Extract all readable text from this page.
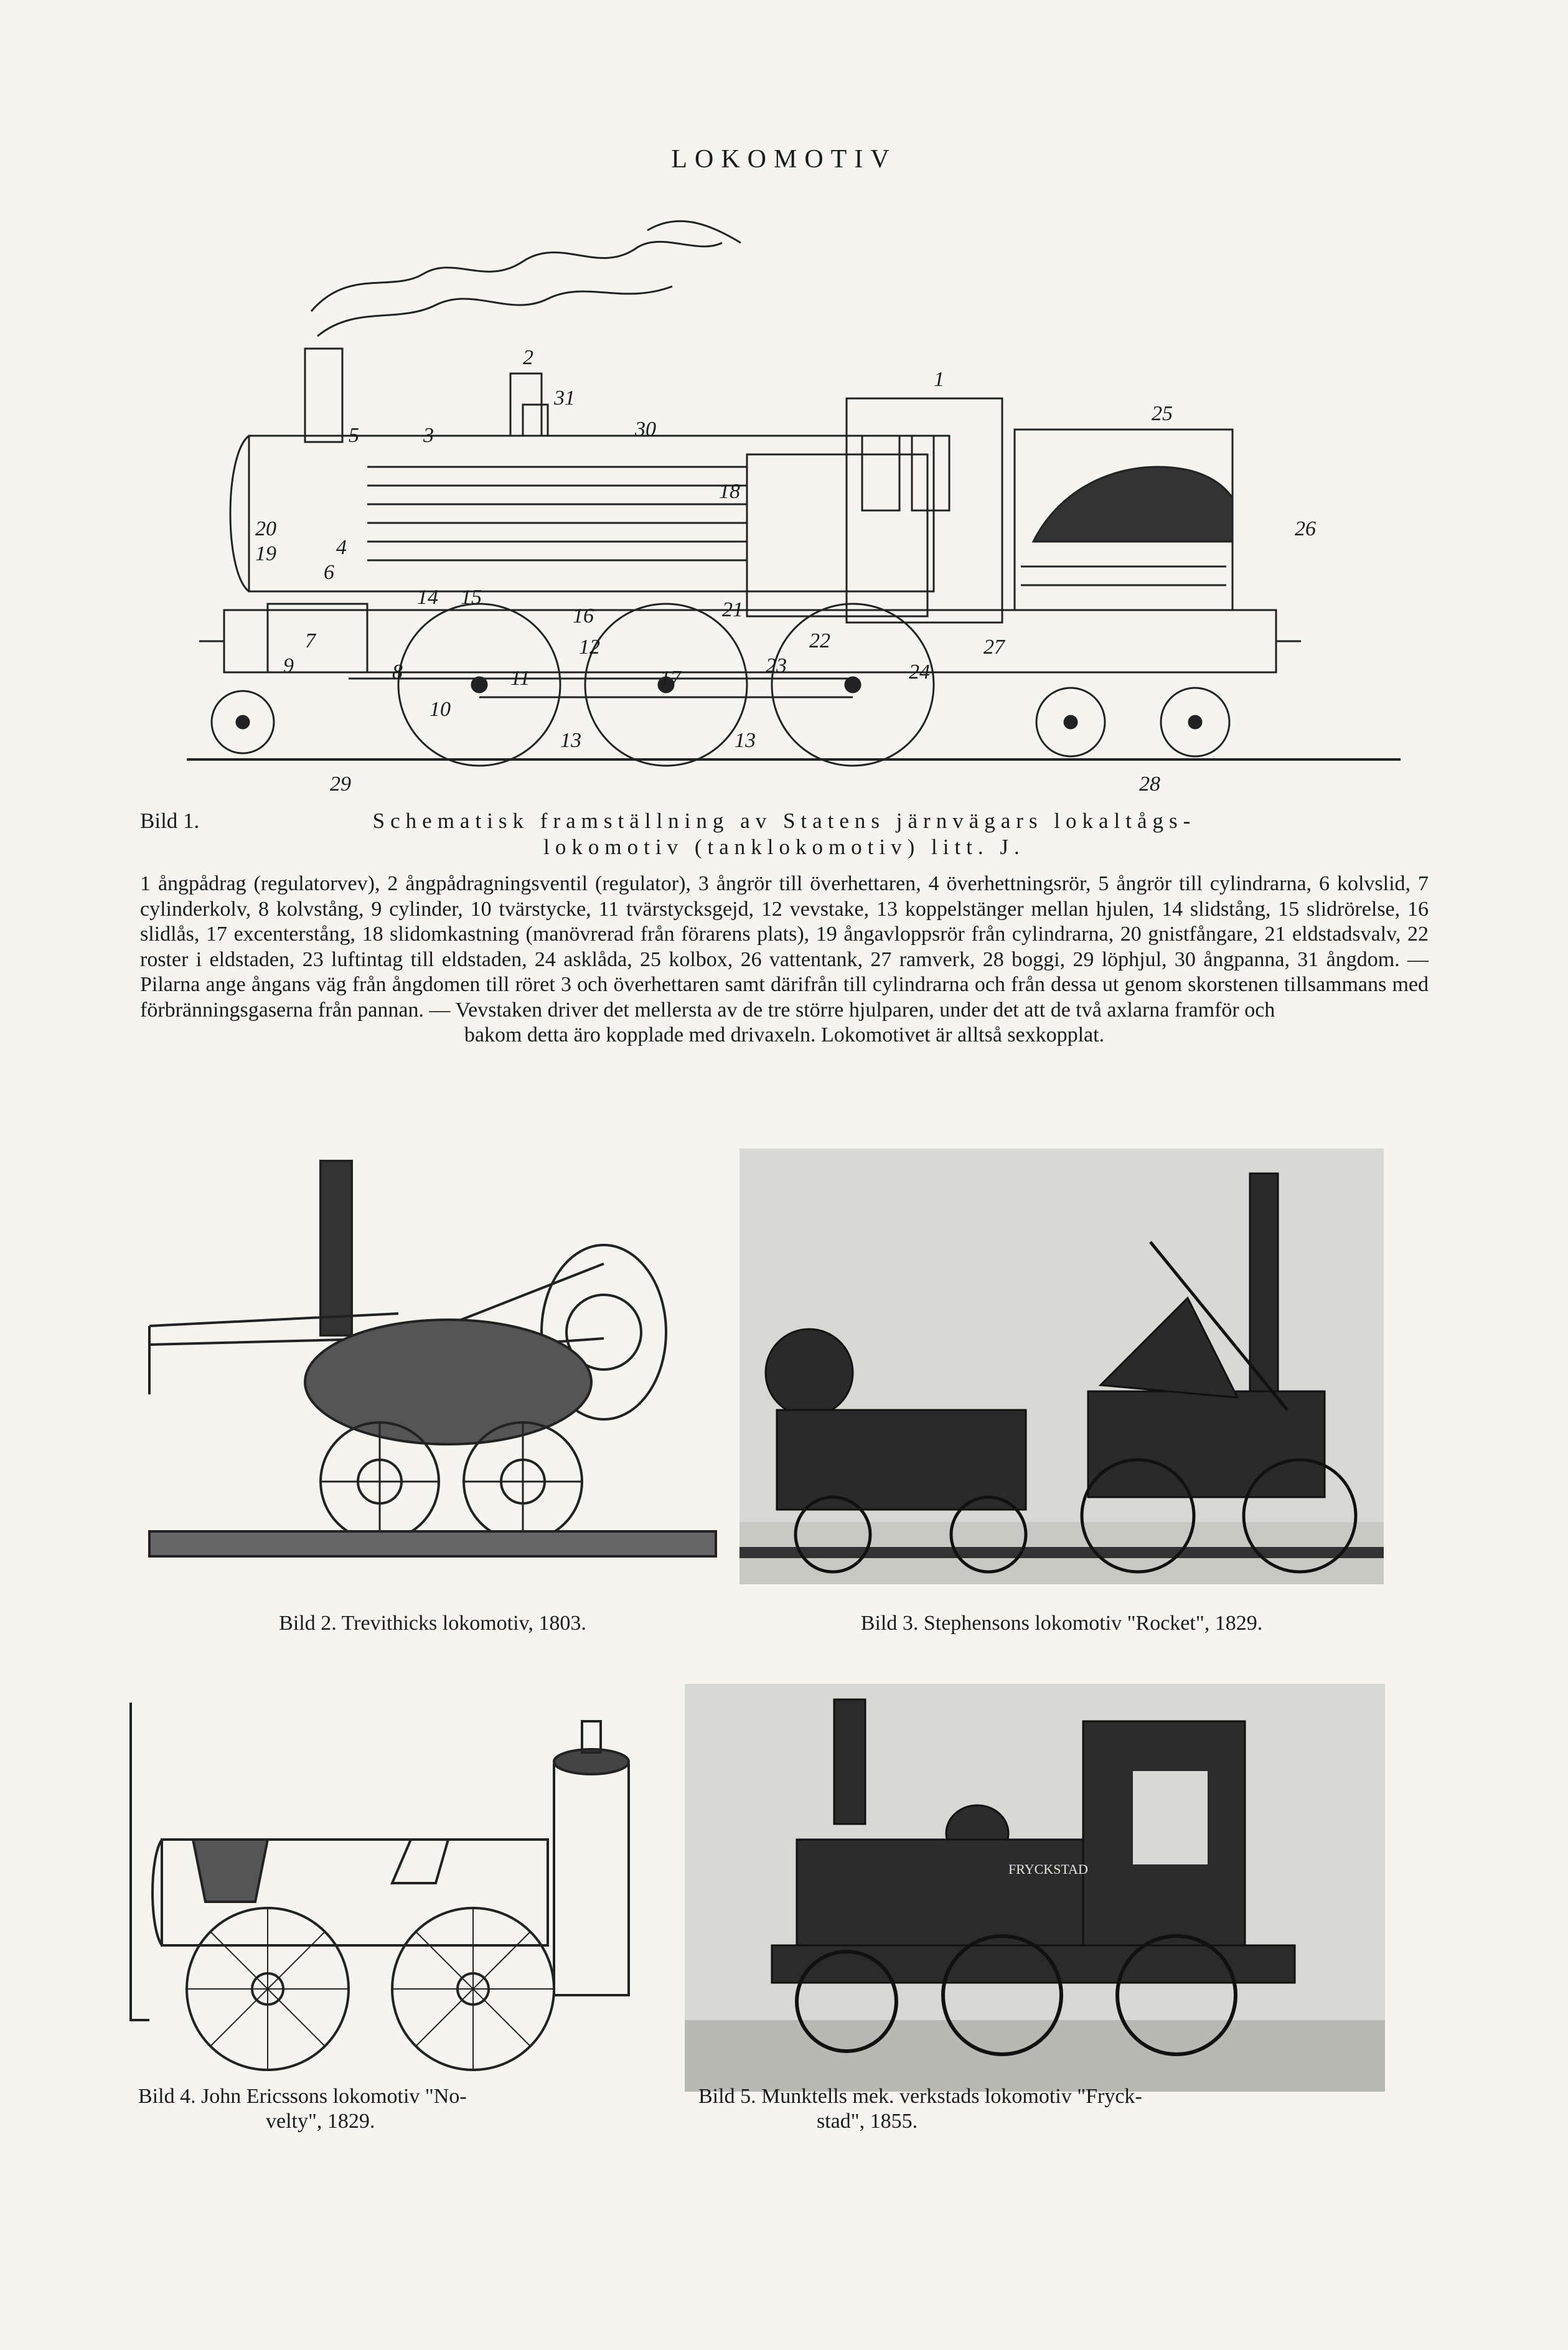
LOKOMOTIV
1
2
3
4
5
6
7
8
9
10
11
12
13	13
14 15
16
17
18
19
20
21
22
23	24
25
26
27
28
29
30
31
Bild 1.	Schematisk framställning av Statens järnvägars lokaltågs-
lokomotiv (tanklokomotiv) litt. J.
1 ångpådrag (regulatorvev), 2 ångpådragningsventil (regulator), 3 ångrör till överhettaren, 4 överhettningsrör, 5 ångrör till cylindrarna, 6 kolvslid, 7 cylinderkolv, 8 kolvstång, 9 cylinder, 10 tvärstycke, 11 tvärstycksgejd, 12 vevstake, 13 koppelstänger mellan hjulen, 14 slidstång, 15 slidrörelse, 16 slidlås, 17 excenterstång, 18 slidomkastning (manövrerad från förarens plats), 19 ångavloppsrör från cylindrarna, 20 gnistfångare, 21 eldstadsvalv, 22 roster i eldstaden, 23 luftintag till eldstaden, 24 asklåda, 25 kolbox, 26 vattentank, 27 ramverk, 28 boggi, 29 löphjul, 30 ångpanna, 31 ångdom. — Pilarna ange ångans väg från ångdomen till röret 3 och överhettaren samt därifrån till cylindrarna och från dessa ut genom skorstenen tillsammans med förbränningsgaserna från pannan. — Vevstaken driver det mellersta av de tre större hjulparen, under det att de två axlarna framför och
bakom detta äro kopplade med drivaxeln. Lokomotivet är alltså sexkopplat.
Bild 2. Trevithicks lokomotiv, 1803.	Bild 3. Stephensons lokomotiv "Rocket", 1829.
FRYCKSTAD
Bild 4. John Ericssons lokomotiv "No-
velty", 1829.
Bild 5. Munktells mek. verkstads lokomotiv "Fryck-
stad", 1855.
